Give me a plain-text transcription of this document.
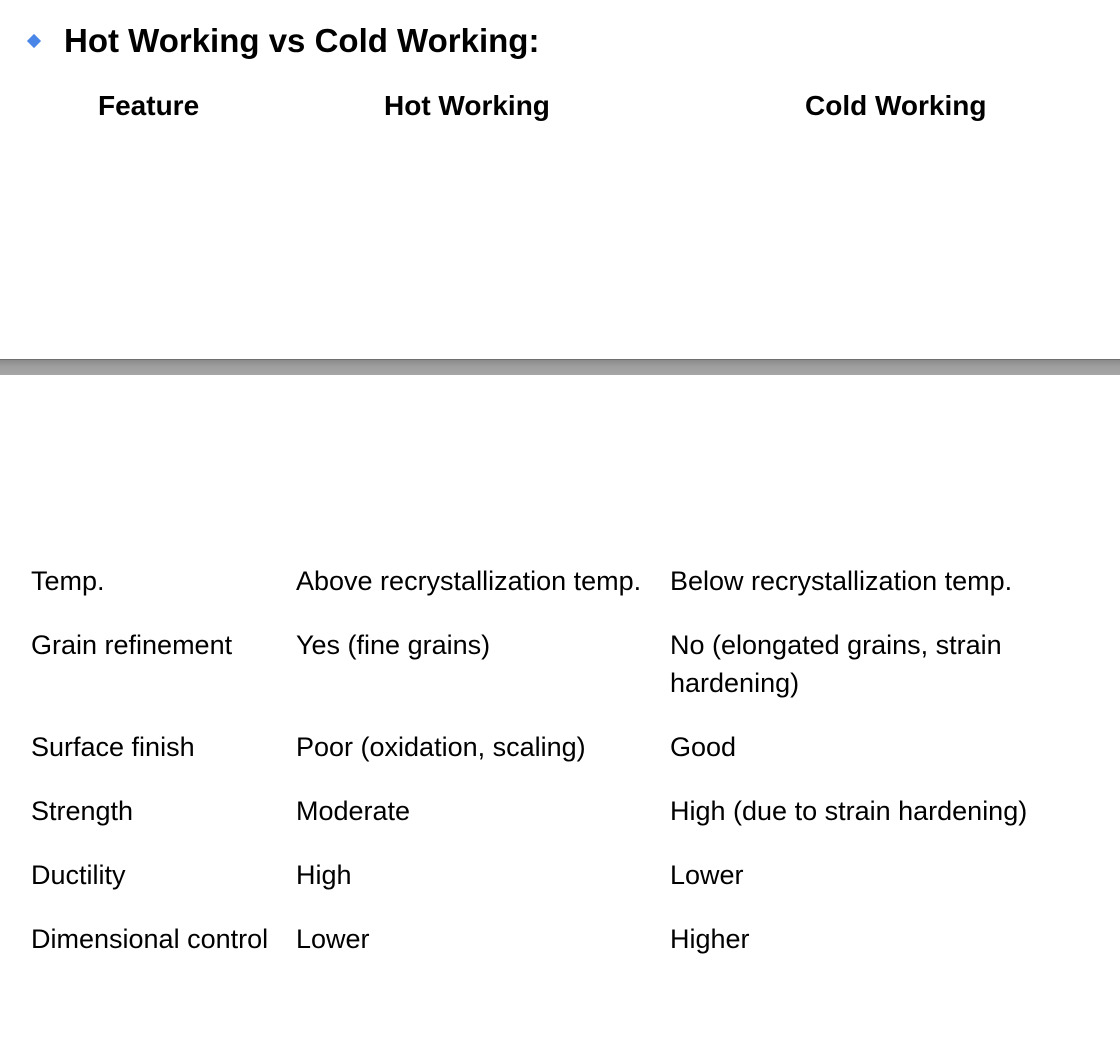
Hot Working vs Cold Working:
Feature	Hot Working	Cold Working
Temp.	Above recrystallization temp.	Below recrystallization temp.
Grain refinement	Yes (fine grains)	No (elongated grains, strain hardening)
Surface finish	Poor (oxidation, scaling)	Good
Strength	Moderate	High (due to strain hardening)
Ductility	High	Lower
Dimensional control	Lower	Higher
